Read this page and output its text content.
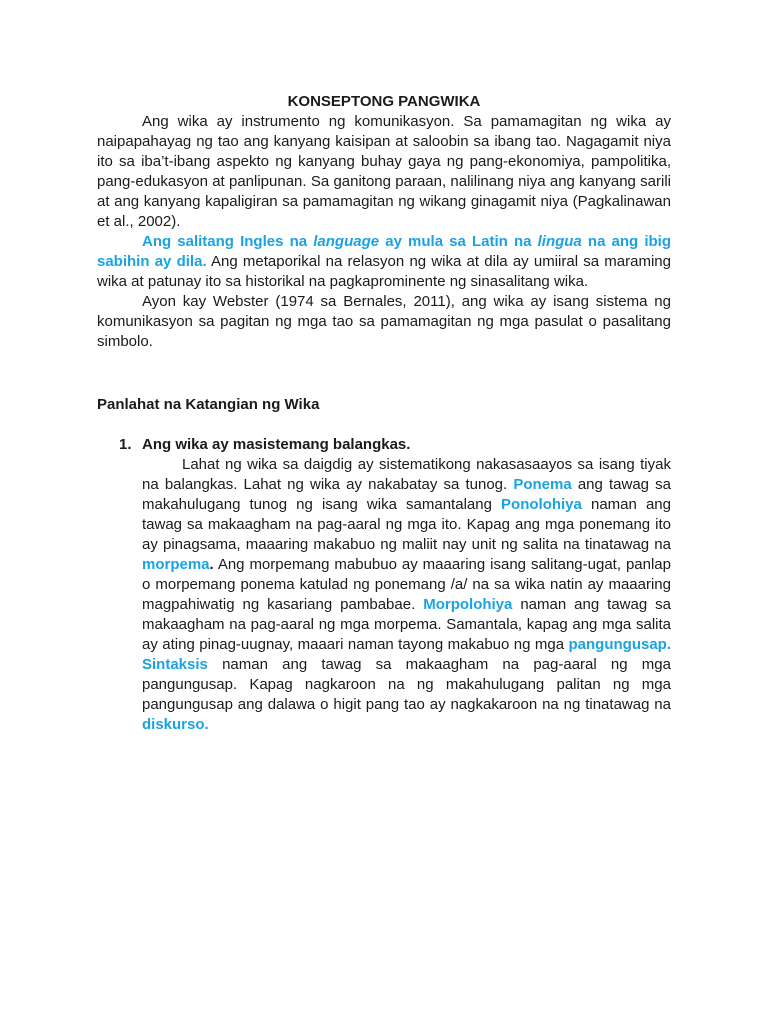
KONSEPTONG PANGWIKA

Ang wika ay instrumento ng komunikasyon. Sa pamamagitan ng wika ay naipapahayag ng tao ang kanyang kaisipan at saloobin sa ibang tao. Nagagamit niya ito sa iba’t-ibang aspekto ng kanyang buhay gaya ng pang-ekonomiya, pampolitika, pang-edukasyon at panlipunan. Sa ganitong paraan, nalilinang niya ang kanyang sarili at ang kanyang kapaligiran sa pamamagitan ng wikang ginagamit niya (Pagkalinawan et al., 2002).

Ang salitang Ingles na language ay mula sa Latin na lingua na ang ibig sabihin ay dila. Ang metaporikal na relasyon ng wika at dila ay umiiral sa maraming wika at patunay ito sa historikal na pagkaprominente ng sinasalitang wika.

Ayon kay Webster (1974 sa Bernales, 2011), ang wika ay isang sistema ng komunikasyon sa pagitan ng mga tao sa pamamagitan ng mga pasulat o pasalitang simbolo.

Panlahat na Katangian ng Wika

1. Ang wika ay masistemang balangkas.

Lahat ng wika sa daigdig ay sistematikong nakasasaayos sa isang tiyak na balangkas. Lahat ng wika ay nakabatay sa tunog. Ponema ang tawag sa makahulugang tunog ng isang wika samantalang Ponolohiya naman ang tawag sa makaagham na pag-aaral ng mga ito. Kapag ang mga ponemang ito ay pinagsama, maaaring makabuo ng maliit nay unit ng salita na tinatawag na morpema. Ang morpemang mabubuo ay maaaring isang salitang-ugat, panlap o morpemang ponema katulad ng ponemang /a/ na sa wika natin ay maaaring magpahiwatig ng kasariang pambabae. Morpolohiya naman ang tawag sa makaagham na pag-aaral ng mga morpema. Samantala, kapag ang mga salita ay ating pinag-uugnay, maaari naman tayong makabuo ng mga pangungusap. Sintaksis naman ang tawag sa makaagham na pag-aaral ng mga pangungusap. Kapag nagkaroon na ng makahulugang palitan ng mga pangungusap ang dalawa o higit pang tao ay nagkakaroon na ng tinatawag na diskurso.
